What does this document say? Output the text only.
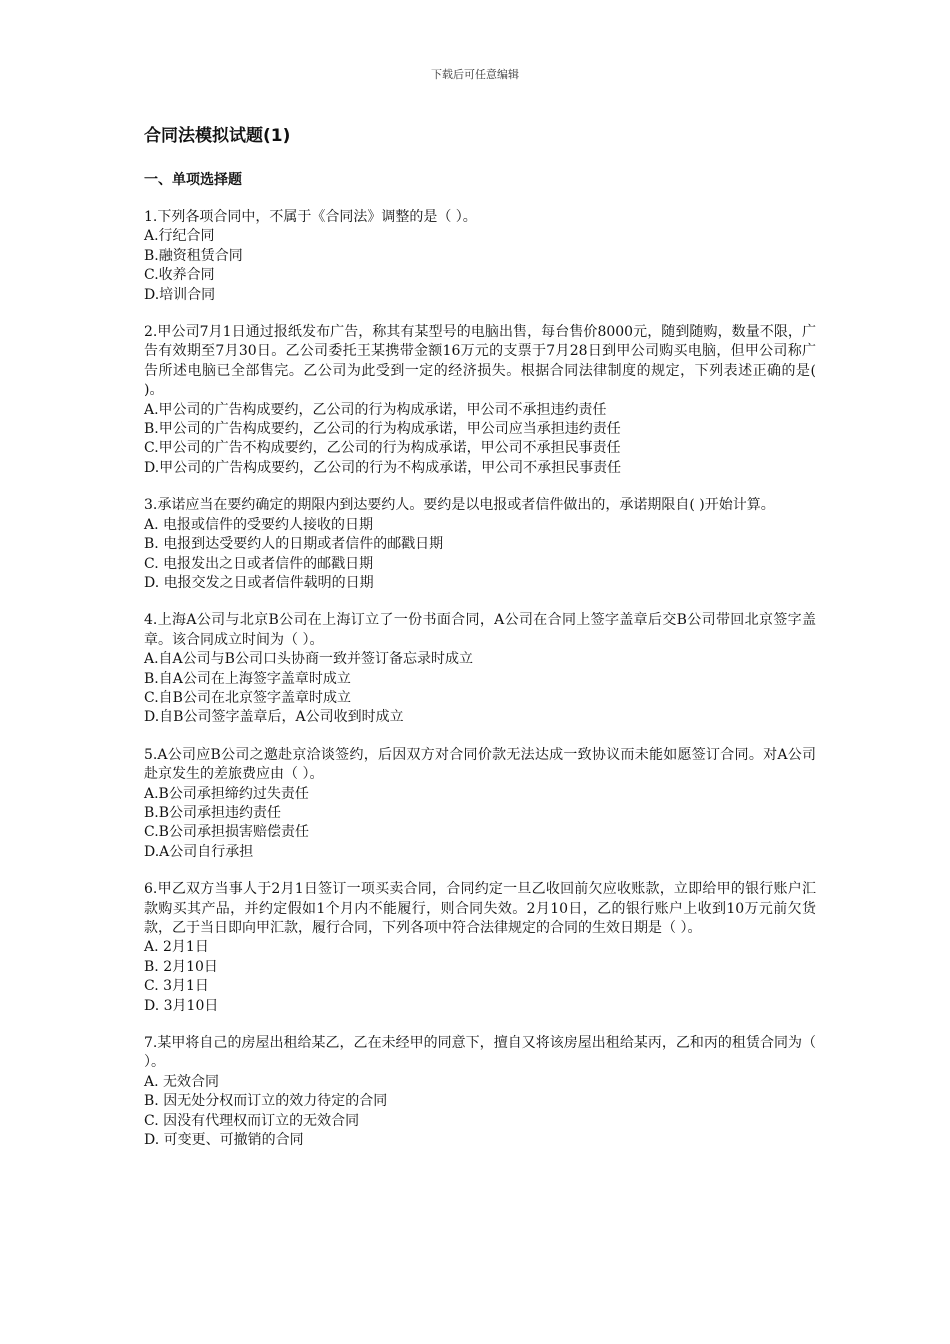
下载后可任意编辑
合同法模拟试题(1)
一、单项选择题

1.下列各项合同中，不属于《合同法》调整的是（ ）。

A.行纪合同
B.融资租赁合同
C.收养合同
D.培训合同

2.甲公司7月1日通过报纸发布广告，称其有某型号的电脑出售，每台售价8000元，随到随购，数量不限，广告有效期至7月30日。乙公司委托王某携带金额16万元的支票于7月28日到甲公司购买电脑，但甲公司称广告所述电脑已全部售完。乙公司为此受到一定的经济损失。根据合同法律制度的规定，下列表述正确的是( )。

A.甲公司的广告构成要约，乙公司的行为构成承诺，甲公司不承担违约责任
B.甲公司的广告构成要约，乙公司的行为构成承诺，甲公司应当承担违约责任
C.甲公司的广告不构成要约，乙公司的行为构成承诺，甲公司不承担民事责任
D.甲公司的广告构成要约，乙公司的行为不构成承诺，甲公司不承担民事责任

3.承诺应当在要约确定的期限内到达要约人。要约是以电报或者信件做出的，承诺期限自( )开始计算。

A. 电报或信件的受要约人接收的日期
B. 电报到达受要约人的日期或者信件的邮戳日期
C. 电报发出之日或者信件的邮戳日期
D. 电报交发之日或者信件载明的日期

4.上海A公司与北京B公司在上海订立了一份书面合同，A公司在合同上签字盖章后交B公司带回北京签字盖章。该合同成立时间为（ ）。

A.自A公司与B公司口头协商一致并签订备忘录时成立
B.自A公司在上海签字盖章时成立
C.自B公司在北京签字盖章时成立
D.自B公司签字盖章后，A公司收到时成立

5.A公司应B公司之邀赴京洽谈签约，后因双方对合同价款无法达成一致协议而未能如愿签订合同。对A公司赴京发生的差旅费应由（ ）。

A.B公司承担缔约过失责任
B.B公司承担违约责任
C.B公司承担损害赔偿责任
D.A公司自行承担

6.甲乙双方当事人于2月1日签订一项买卖合同，合同约定一旦乙收回前欠应收账款，立即给甲的银行账户汇款购买其产品，并约定假如1个月内不能履行，则合同失效。2月10日，乙的银行账户上收到10万元前欠货款，乙于当日即向甲汇款，履行合同，下列各项中符合法律规定的合同的生效日期是（ ）。

A. 2月1日
B. 2月10日
C. 3月1日
D. 3月10日

7.某甲将自己的房屋出租给某乙，乙在未经甲的同意下，擅自又将该房屋出租给某丙，乙和丙的租赁合同为（ ）。

A. 无效合同
B. 因无处分权而订立的效力待定的合同
C. 因没有代理权而订立的无效合同
D. 可变更、可撤销的合同
